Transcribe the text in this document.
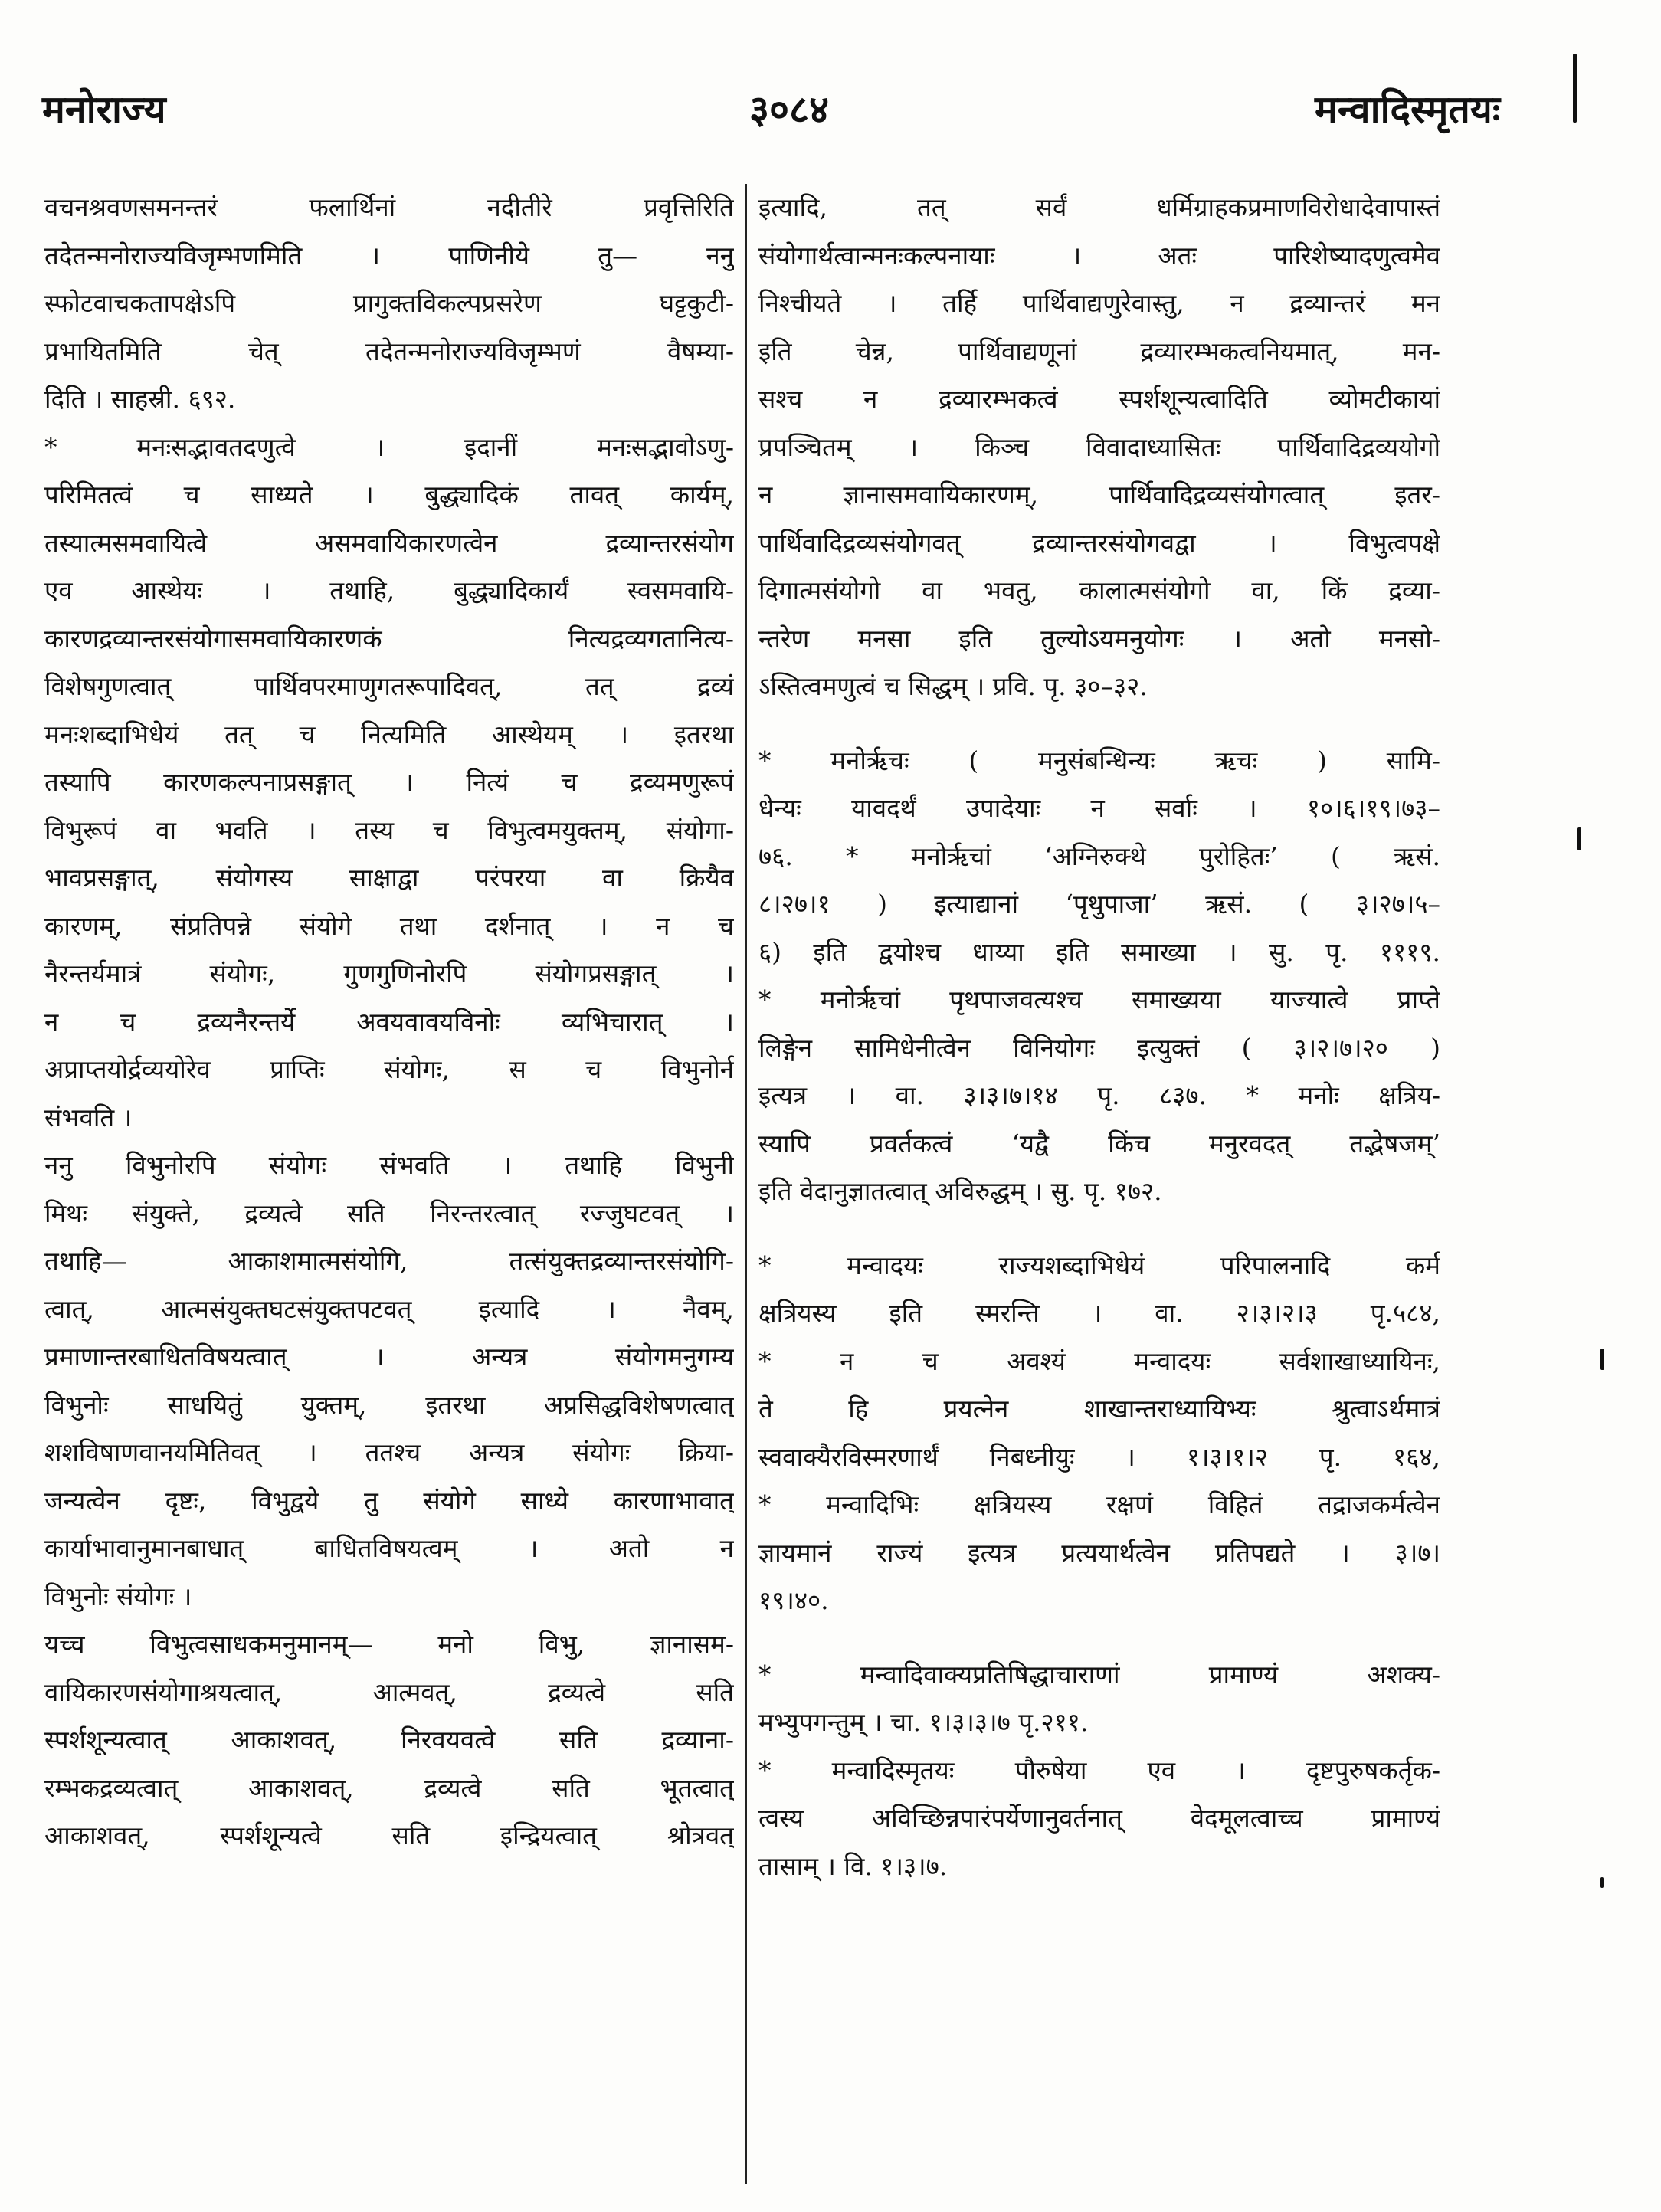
मनोराज्य	३०८४	मन्वादिस्मृतयः
वचनश्रवणसमनन्तरं फलार्थिनां नदीतीरे प्रवृत्तिरिति
तदेतन्मनोराज्यविजृम्भणमिति । पाणिनीये तु— ननु
स्फोटवाचकतापक्षेऽपि प्रागुक्तविकल्पप्रसरेण घट्टकुटी-
प्रभायितमिति चेत् तदेतन्मनोराज्यविजृम्भणं वैषम्या-
दिति । साहस्री. ६९२.
* मनःसद्भावतदणुत्वे । इदानीं मनःसद्भावोऽणु-
परिमितत्वं च साध्यते । बुद्ध्यादिकं तावत् कार्यम्,
तस्यात्मसमवायित्वे असमवायिकारणत्वेन द्रव्यान्तरसंयोग
एव आस्थेयः । तथाहि, बुद्ध्यादिकार्यं स्वसमवायि-
कारणद्रव्यान्तरसंयोगासमवायिकारणकं नित्यद्रव्यगतानित्य-
विशेषगुणत्वात् पार्थिवपरमाणुगतरूपादिवत्, तत् द्रव्यं
मनःशब्दाभिधेयं तत् च नित्यमिति आस्थेयम् । इतरथा
तस्यापि कारणकल्पनाप्रसङ्गात् । नित्यं च द्रव्यमणुरूपं
विभुरूपं वा भवति । तस्य च विभुत्वमयुक्तम्, संयोगा-
भावप्रसङ्गात्, संयोगस्य साक्षाद्वा परंपरया वा क्रियैव
कारणम्, संप्रतिपन्ने संयोगे तथा दर्शनात् । न च
नैरन्तर्यमात्रं संयोगः, गुणगुणिनोरपि संयोगप्रसङ्गात् ।
न च द्रव्यनैरन्तर्ये अवयवावयविनोः व्यभिचारात् ।
अप्राप्तयोर्द्रव्ययोरेव प्राप्तिः संयोगः, स च विभुनोर्न
संभवति ।
ननु विभुनोरपि संयोगः संभवति । तथाहि विभुनी
मिथः संयुक्ते, द्रव्यत्वे सति निरन्तरत्वात् रज्जुघटवत् ।
तथाहि— आकाशमात्मसंयोगि, तत्संयुक्तद्रव्यान्तरसंयोगि-
त्वात्, आत्मसंयुक्तघटसंयुक्तपटवत् इत्यादि । नैवम्,
प्रमाणान्तरबाधितविषयत्वात् । अन्यत्र संयोगमनुगम्य
विभुनोः साधयितुं युक्तम्, इतरथा अप्रसिद्धविशेषणत्वात्
शशविषाणवानयमितिवत् । ततश्च अन्यत्र संयोगः क्रिया-
जन्यत्वेन दृष्टः, विभुद्वये तु संयोगे साध्ये कारणाभावात्
कार्याभावानुमानबाधात् बाधितविषयत्वम् । अतो न
विभुनोः संयोगः ।
यच्च विभुत्वसाधकमनुमानम्— मनो विभु, ज्ञानासम-
वायिकारणसंयोगाश्रयत्वात्, आत्मवत्, द्रव्यत्वे सति
स्पर्शशून्यत्वात् आकाशवत्, निरवयवत्वे सति द्रव्याना-
रम्भकद्रव्यत्वात् आकाशवत्, द्रव्यत्वे सति भूतत्वात्
आकाशवत्, स्पर्शशून्यत्वे सति इन्द्रियत्वात् श्रोत्रवत्
इत्यादि, तत् सर्वं धर्मिग्राहकप्रमाणविरोधादेवापास्तं
संयोगार्थत्वान्मनःकल्पनायाः । अतः पारिशेष्यादणुत्वमेव
निश्चीयते । तर्हि पार्थिवाद्यणुरेवास्तु, न द्रव्यान्तरं मन
इति चेन्न, पार्थिवाद्यणूनां द्रव्यारम्भकत्वनियमात्, मन-
सश्च न द्रव्यारम्भकत्वं स्पर्शशून्यत्वादिति व्योमटीकायां
प्रपञ्चितम् । किञ्च विवादाध्यासितः पार्थिवादिद्रव्ययोगो
न ज्ञानासमवायिकारणम्, पार्थिवादिद्रव्यसंयोगत्वात् इतर-
पार्थिवादिद्रव्यसंयोगवत् द्रव्यान्तरसंयोगवद्वा । विभुत्वपक्षे
दिगात्मसंयोगो वा भवतु, कालात्मसंयोगो वा, किं द्रव्या-
न्तरेण मनसा इति तुल्योऽयमनुयोगः । अतो मनसो-
ऽस्तित्वमणुत्वं च सिद्धम् । प्रवि. पृ. ३०–३२.
* मनोर्ऋचः ( मनुसंबन्धिन्यः ऋचः ) सामि-
धेन्यः यावदर्थं उपादेयाः न सर्वाः । १०।६।१९।७३–
७६. * मनोर्ऋचां ‘अग्निरुक्थे पुरोहितः’ ( ऋसं.
८।२७।१ ) इत्याद्यानां ‘पृथुपाजा’ ऋसं. ( ३।२७।५–
६) इति द्वयोश्च धाय्या इति समाख्या । सु. पृ. १११९.
* मनोर्ऋचां पृथपाजवत्यश्च समाख्यया याज्यात्वे प्राप्ते
लिङ्गेन सामिधेनीत्वेन विनियोगः इत्युक्तं ( ३।२।७।२० )
इत्यत्र । वा. ३।३।७।१४ पृ. ८३७. * मनोः क्षत्रिय-
स्यापि प्रवर्तकत्वं ‘यद्वै किंच मनुरवदत् तद्भेषजम्’
इति वेदानुज्ञातत्वात् अविरुद्धम् । सु. पृ. १७२.
* मन्वादयः राज्यशब्दाभिधेयं परिपालनादि कर्म
क्षत्रियस्य इति स्मरन्ति । वा. २।३।२।३ पृ.५८४,
* न च अवश्यं मन्वादयः सर्वशाखाध्यायिनः,
ते हि प्रयत्नेन शाखान्तराध्यायिभ्यः श्रुत्वाऽर्थमात्रं
स्ववाक्यैरविस्मरणार्थं निबध्नीयुः । १।३।१।२ पृ. १६४,
* मन्वादिभिः क्षत्रियस्य रक्षणं विहितं तद्राजकर्मत्वेन
ज्ञायमानं राज्यं इत्यत्र प्रत्ययार्थत्वेन प्रतिपद्यते । ३।७।
१९।४०.
* मन्वादिवाक्यप्रतिषिद्धाचाराणां प्रामाण्यं अशक्य-
मभ्युपगन्तुम् । चा. १।३।३।७ पृ.२११.
* मन्वादिस्मृतयः पौरुषेया एव । दृष्टपुरुषकर्तृक-
त्वस्य अविच्छिन्नपारंपर्येणानुवर्तनात् वेदमूलत्वाच्च प्रामाण्यं
तासाम् । वि. १।३।७.
